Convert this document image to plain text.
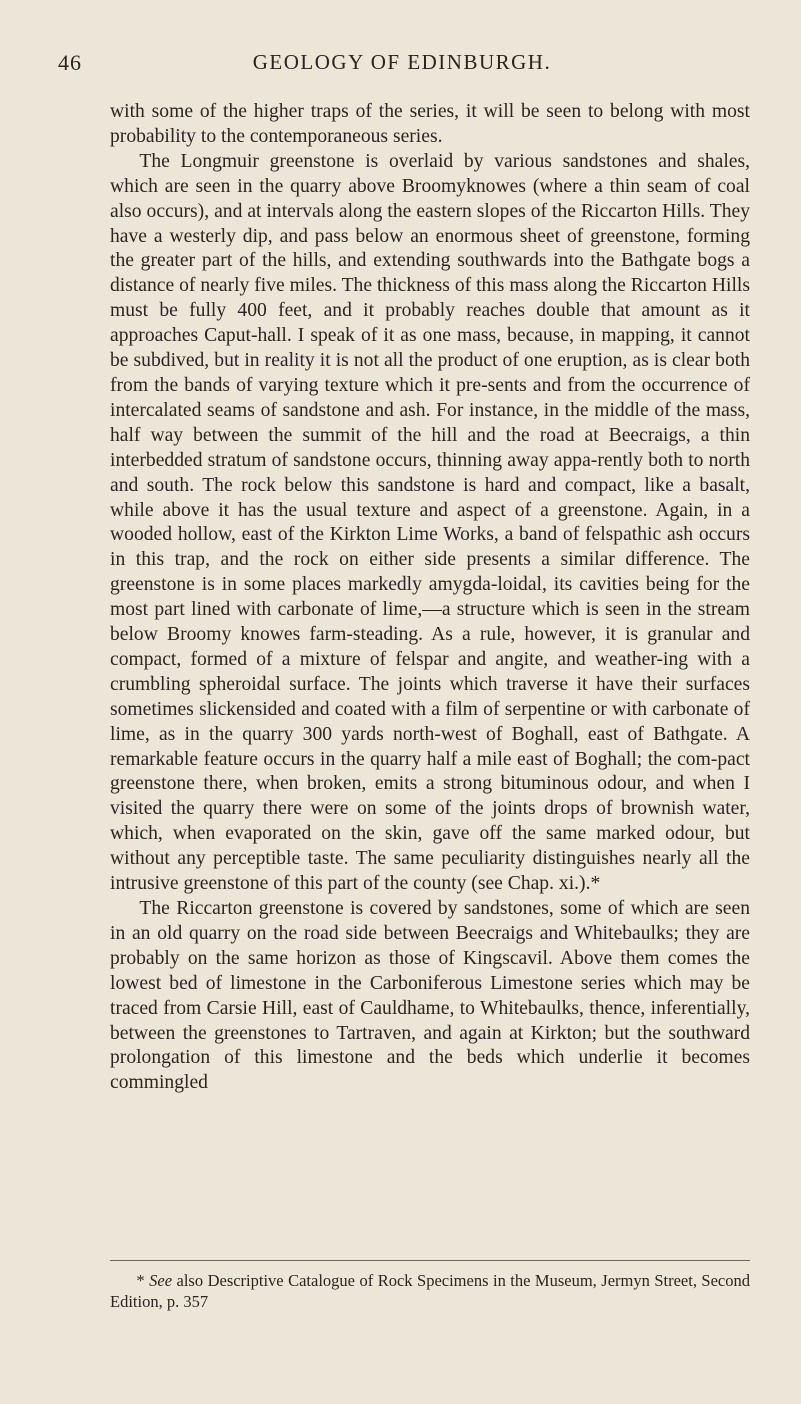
46	GEOLOGY OF EDINBURGH.

with some of the higher traps of the series, it will be seen to belong with most probability to the contemporaneous series.

The Longmuir greenstone is overlaid by various sandstones and shales, which are seen in the quarry above Broomyknowes (where a thin seam of coal also occurs), and at intervals along the eastern slopes of the Riccarton Hills. They have a westerly dip, and pass below an enormous sheet of greenstone, forming the greater part of the hills, and extending southwards into the Bathgate bogs a distance of nearly five miles. The thickness of this mass along the Riccarton Hills must be fully 400 feet, and it probably reaches double that amount as it approaches Caput-hall. I speak of it as one mass, because, in mapping, it cannot be subdived, but in reality it is not all the product of one eruption, as is clear both from the bands of varying texture which it pre-sents and from the occurrence of intercalated seams of sandstone and ash. For instance, in the middle of the mass, half way between the summit of the hill and the road at Beecraigs, a thin interbedded stratum of sandstone occurs, thinning away appa-rently both to north and south. The rock below this sandstone is hard and compact, like a basalt, while above it has the usual texture and aspect of a greenstone. Again, in a wooded hollow, east of the Kirkton Lime Works, a band of felspathic ash occurs in this trap, and the rock on either side presents a similar difference. The greenstone is in some places markedly amygda-loidal, its cavities being for the most part lined with carbonate of lime,—a structure which is seen in the stream below Broomy knowes farm-steading. As a rule, however, it is granular and compact, formed of a mixture of felspar and angite, and weather-ing with a crumbling spheroidal surface. The joints which traverse it have their surfaces sometimes slickensided and coated with a film of serpentine or with carbonate of lime, as in the quarry 300 yards north-west of Boghall, east of Bathgate. A remarkable feature occurs in the quarry half a mile east of Boghall; the com-pact greenstone there, when broken, emits a strong bituminous odour, and when I visited the quarry there were on some of the joints drops of brownish water, which, when evaporated on the skin, gave off the same marked odour, but without any perceptible taste. The same peculiarity distinguishes nearly all the intrusive greenstone of this part of the county (see Chap. xi.).*

The Riccarton greenstone is covered by sandstones, some of which are seen in an old quarry on the road side between Beecraigs and Whitebaulks; they are probably on the same horizon as those of Kingscavil. Above them comes the lowest bed of limestone in the Carboniferous Limestone series which may be traced from Carsie Hill, east of Cauldhame, to Whitebaulks, thence, inferentially, between the greenstones to Tartraven, and again at Kirkton; but the southward prolongation of this limestone and the beds which underlie it becomes commingled

* See also Descriptive Catalogue of Rock Specimens in the Museum, Jermyn Street, Second Edition, p. 357
